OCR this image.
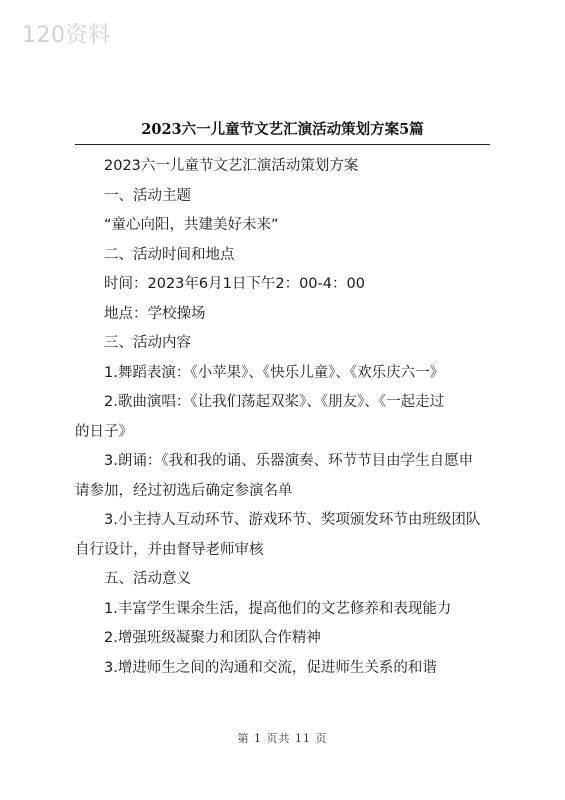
120资料
2023六一儿童节文艺汇演活动策划方案5篇

2023六一儿童节文艺汇演活动策划方案

一、活动主题

“童心向阳，共建美好未来”

二、活动时间和地点

时间：2023年6月1日下午2：00-4：00

地点：学校操场

三、活动内容

1.舞蹈表演：《小苹果》、《快乐儿童》、《欢乐庆六一》

2.歌曲演唱：《让我们荡起双桨》、《朋友》、《一起走过

的日子》

3.朗诵：《我和我的诵、乐器演奏、环节节目由学生自愿申

请参加，经过初选后确定参演名单

3.小主持人互动环节、游戏环节、奖项颁发环节由班级团队

自行设计，并由督导老师审核

五、活动意义

1.丰富学生课余生活，提高他们的文艺修养和表现能力

2.增强班级凝聚力和团队合作精神

3.增进师生之间的沟通和交流，促进师生关系的和谐

第 1 页共 11 页
